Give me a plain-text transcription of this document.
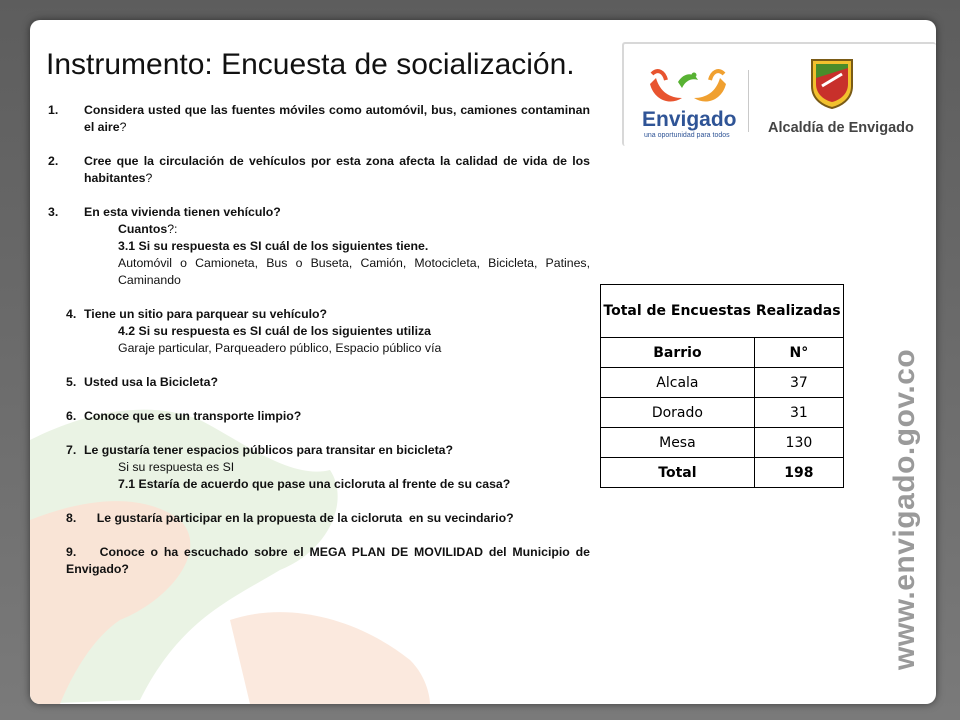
Instrumento: Encuesta de socialización.
Envigado
una oportunidad para todos	Alcaldía de Envigado
www.envigado.gov.co
1. Considera usted que las fuentes móviles como automóvil, bus, camiones contaminan el aire?
2. Cree que la circulación de vehículos por esta zona afecta la calidad de vida de los habitantes?
3. En esta vivienda tienen vehículo?
Cuantos?:
3.1 Si su respuesta es SI cuál de los siguientes tiene.
Automóvil o Camioneta, Bus o Buseta, Camión, Motocicleta, Bicicleta, Patines, Caminando
4. Tiene un sitio para parquear su vehículo?
4.2 Si su respuesta es SI cuál de los siguientes utiliza
Garaje particular, Parqueadero público, Espacio público vía
5. Usted usa la Bicicleta?
6. Conoce que es un transporte limpio?
7. Le gustaría tener espacios públicos para transitar en bicicleta?
Si su respuesta es SI
7.1 Estaría de acuerdo que pase una cicloruta al frente de su casa?
8.      Le gustaría participar en la propuesta de la cicloruta  en su vecindario?
9.    Conoce o ha escuchado sobre el MEGA PLAN DE MOVILIDAD del Municipio de Envigado?
Total de Encuestas Realizadas	
Barrio	N°
Alcala	37
Dorado	31
Mesa	130
Total	198
